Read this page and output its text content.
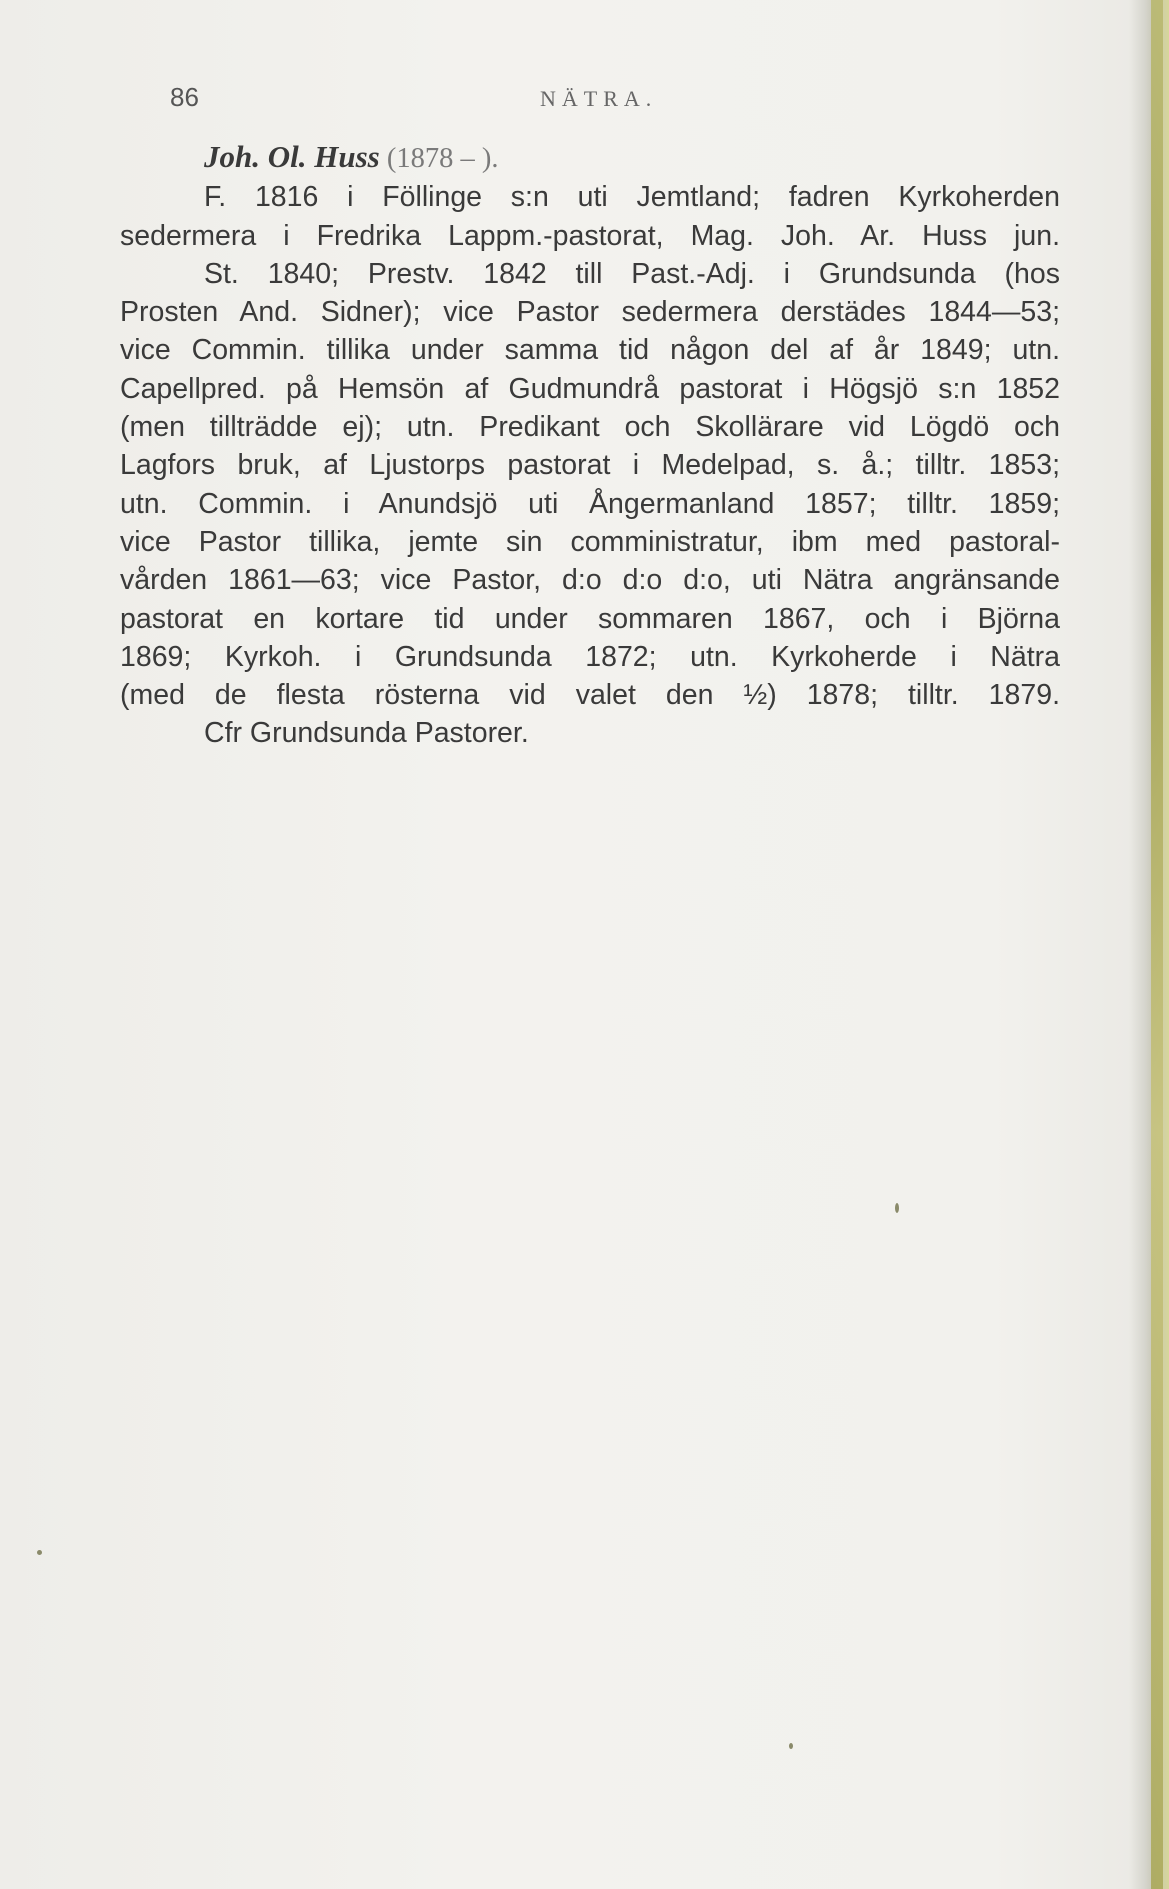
86	NÄTRA.
Joh. Ol. Huss (1878 – ).
F. 1816 i Föllinge s:n uti Jemtland; fadren Kyrkoherden
sedermera i Fredrika Lappm.-pastorat, Mag. Joh. Ar. Huss jun.
St. 1840; Prestv. 1842 till Past.-Adj. i Grundsunda (hos
Prosten And. Sidner); vice Pastor sedermera derstädes 1844—53;
vice Commin. tillika under samma tid någon del af år 1849; utn.
Capellpred. på Hemsön af Gudmundrå pastorat i Högsjö s:n 1852
(men tillträdde ej); utn. Predikant och Skollärare vid Lögdö och
Lagfors bruk, af Ljustorps pastorat i Medelpad, s. å.; tilltr. 1853;
utn. Commin. i Anundsjö uti Ångermanland 1857; tilltr. 1859;
vice Pastor tillika, jemte sin comministratur, ibm med pastoral-
vården 1861—63; vice Pastor, d:o d:o d:o, uti Nätra angränsande
pastorat en kortare tid under sommaren 1867, och i Björna
1869; Kyrkoh. i Grundsunda 1872; utn. Kyrkoherde i Nätra
(med de flesta rösterna vid valet den ½) 1878; tilltr. 1879.
Cfr Grundsunda Pastorer.
